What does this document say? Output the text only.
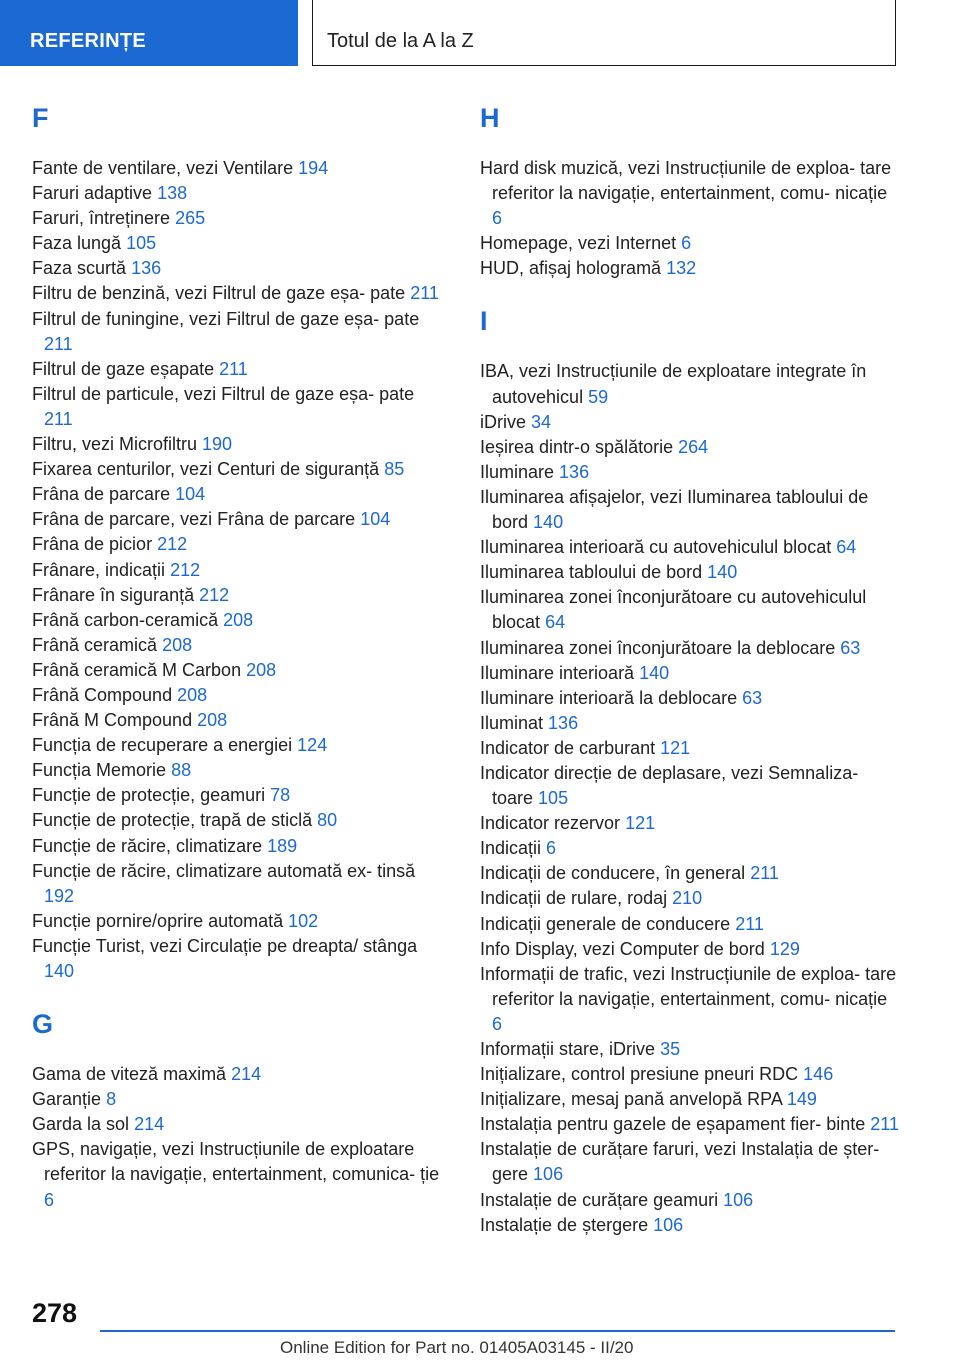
REFERINȚE	Totul de la A la Z
F
Fante de ventilare, vezi Ventilare 194
Faruri adaptive 138
Faruri, întreținere 265
Faza lungă 105
Faza scurtă 136
Filtru de benzină, vezi Filtrul de gaze eșa‐ pate 211
Filtrul de funingine, vezi Filtrul de gaze eșa‐ pate 211
Filtrul de gaze eșapate 211
Filtrul de particule, vezi Filtrul de gaze eșa‐ pate 211
Filtru, vezi Microfiltru 190
Fixarea centurilor, vezi Centuri de siguranță 85
Frâna de parcare 104
Frâna de parcare, vezi Frâna de parcare 104
Frâna de picior 212
Frânare, indicații 212
Frânare în siguranță 212
Frână carbon-ceramică 208
Frână ceramică 208
Frână ceramică M Carbon 208
Frână Compound 208
Frână M Compound 208
Funcția de recuperare a energiei 124
Funcția Memorie 88
Funcție de protecție, geamuri 78
Funcție de protecție, trapă de sticlă 80
Funcție de răcire, climatizare 189
Funcție de răcire, climatizare automată ex‐ tinsă 192
Funcție pornire/oprire automată 102
Funcție Turist, vezi Circulație pe dreapta/ stânga 140
G
Gama de viteză maximă 214
Garanție 8
Garda la sol 214
GPS, navigație, vezi Instrucțiunile de exploatare referitor la navigație, entertainment, comunica‐ ție 6
H
Hard disk muzică, vezi Instrucțiunile de exploa‐ tare referitor la navigație, entertainment, comu‐ nicație 6
Homepage, vezi Internet 6
HUD, afișaj hologramă 132
I
IBA, vezi Instrucțiunile de exploatare integrate în autovehicul 59
iDrive 34
Ieșirea dintr-o spălătorie 264
Iluminare 136
Iluminarea afișajelor, vezi Iluminarea tabloului de bord 140
Iluminarea interioară cu autovehiculul blocat 64
Iluminarea tabloului de bord 140
Iluminarea zonei înconjurătoare cu autovehiculul blocat 64
Iluminarea zonei înconjurătoare la deblocare 63
Iluminare interioară 140
Iluminare interioară la deblocare 63
Iluminat 136
Indicator de carburant 121
Indicator direcție de deplasare, vezi Semnaliza‐ toare 105
Indicator rezervor 121
Indicații 6
Indicații de conducere, în general 211
Indicații de rulare, rodaj 210
Indicații generale de conducere 211
Info Display, vezi Computer de bord 129
Informații de trafic, vezi Instrucțiunile de exploa‐ tare referitor la navigație, entertainment, comu‐ nicație 6
Informații stare, iDrive 35
Inițializare, control presiune pneuri RDC 146
Inițializare, mesaj pană anvelopă RPA 149
Instalația pentru gazele de eșapament fier‐ binte 211
Instalație de curățare faruri, vezi Instalația de șter‐ gere 106
Instalație de curățare geamuri 106
Instalație de ștergere 106
278
Online Edition for Part no. 01405A03145 - II/20
